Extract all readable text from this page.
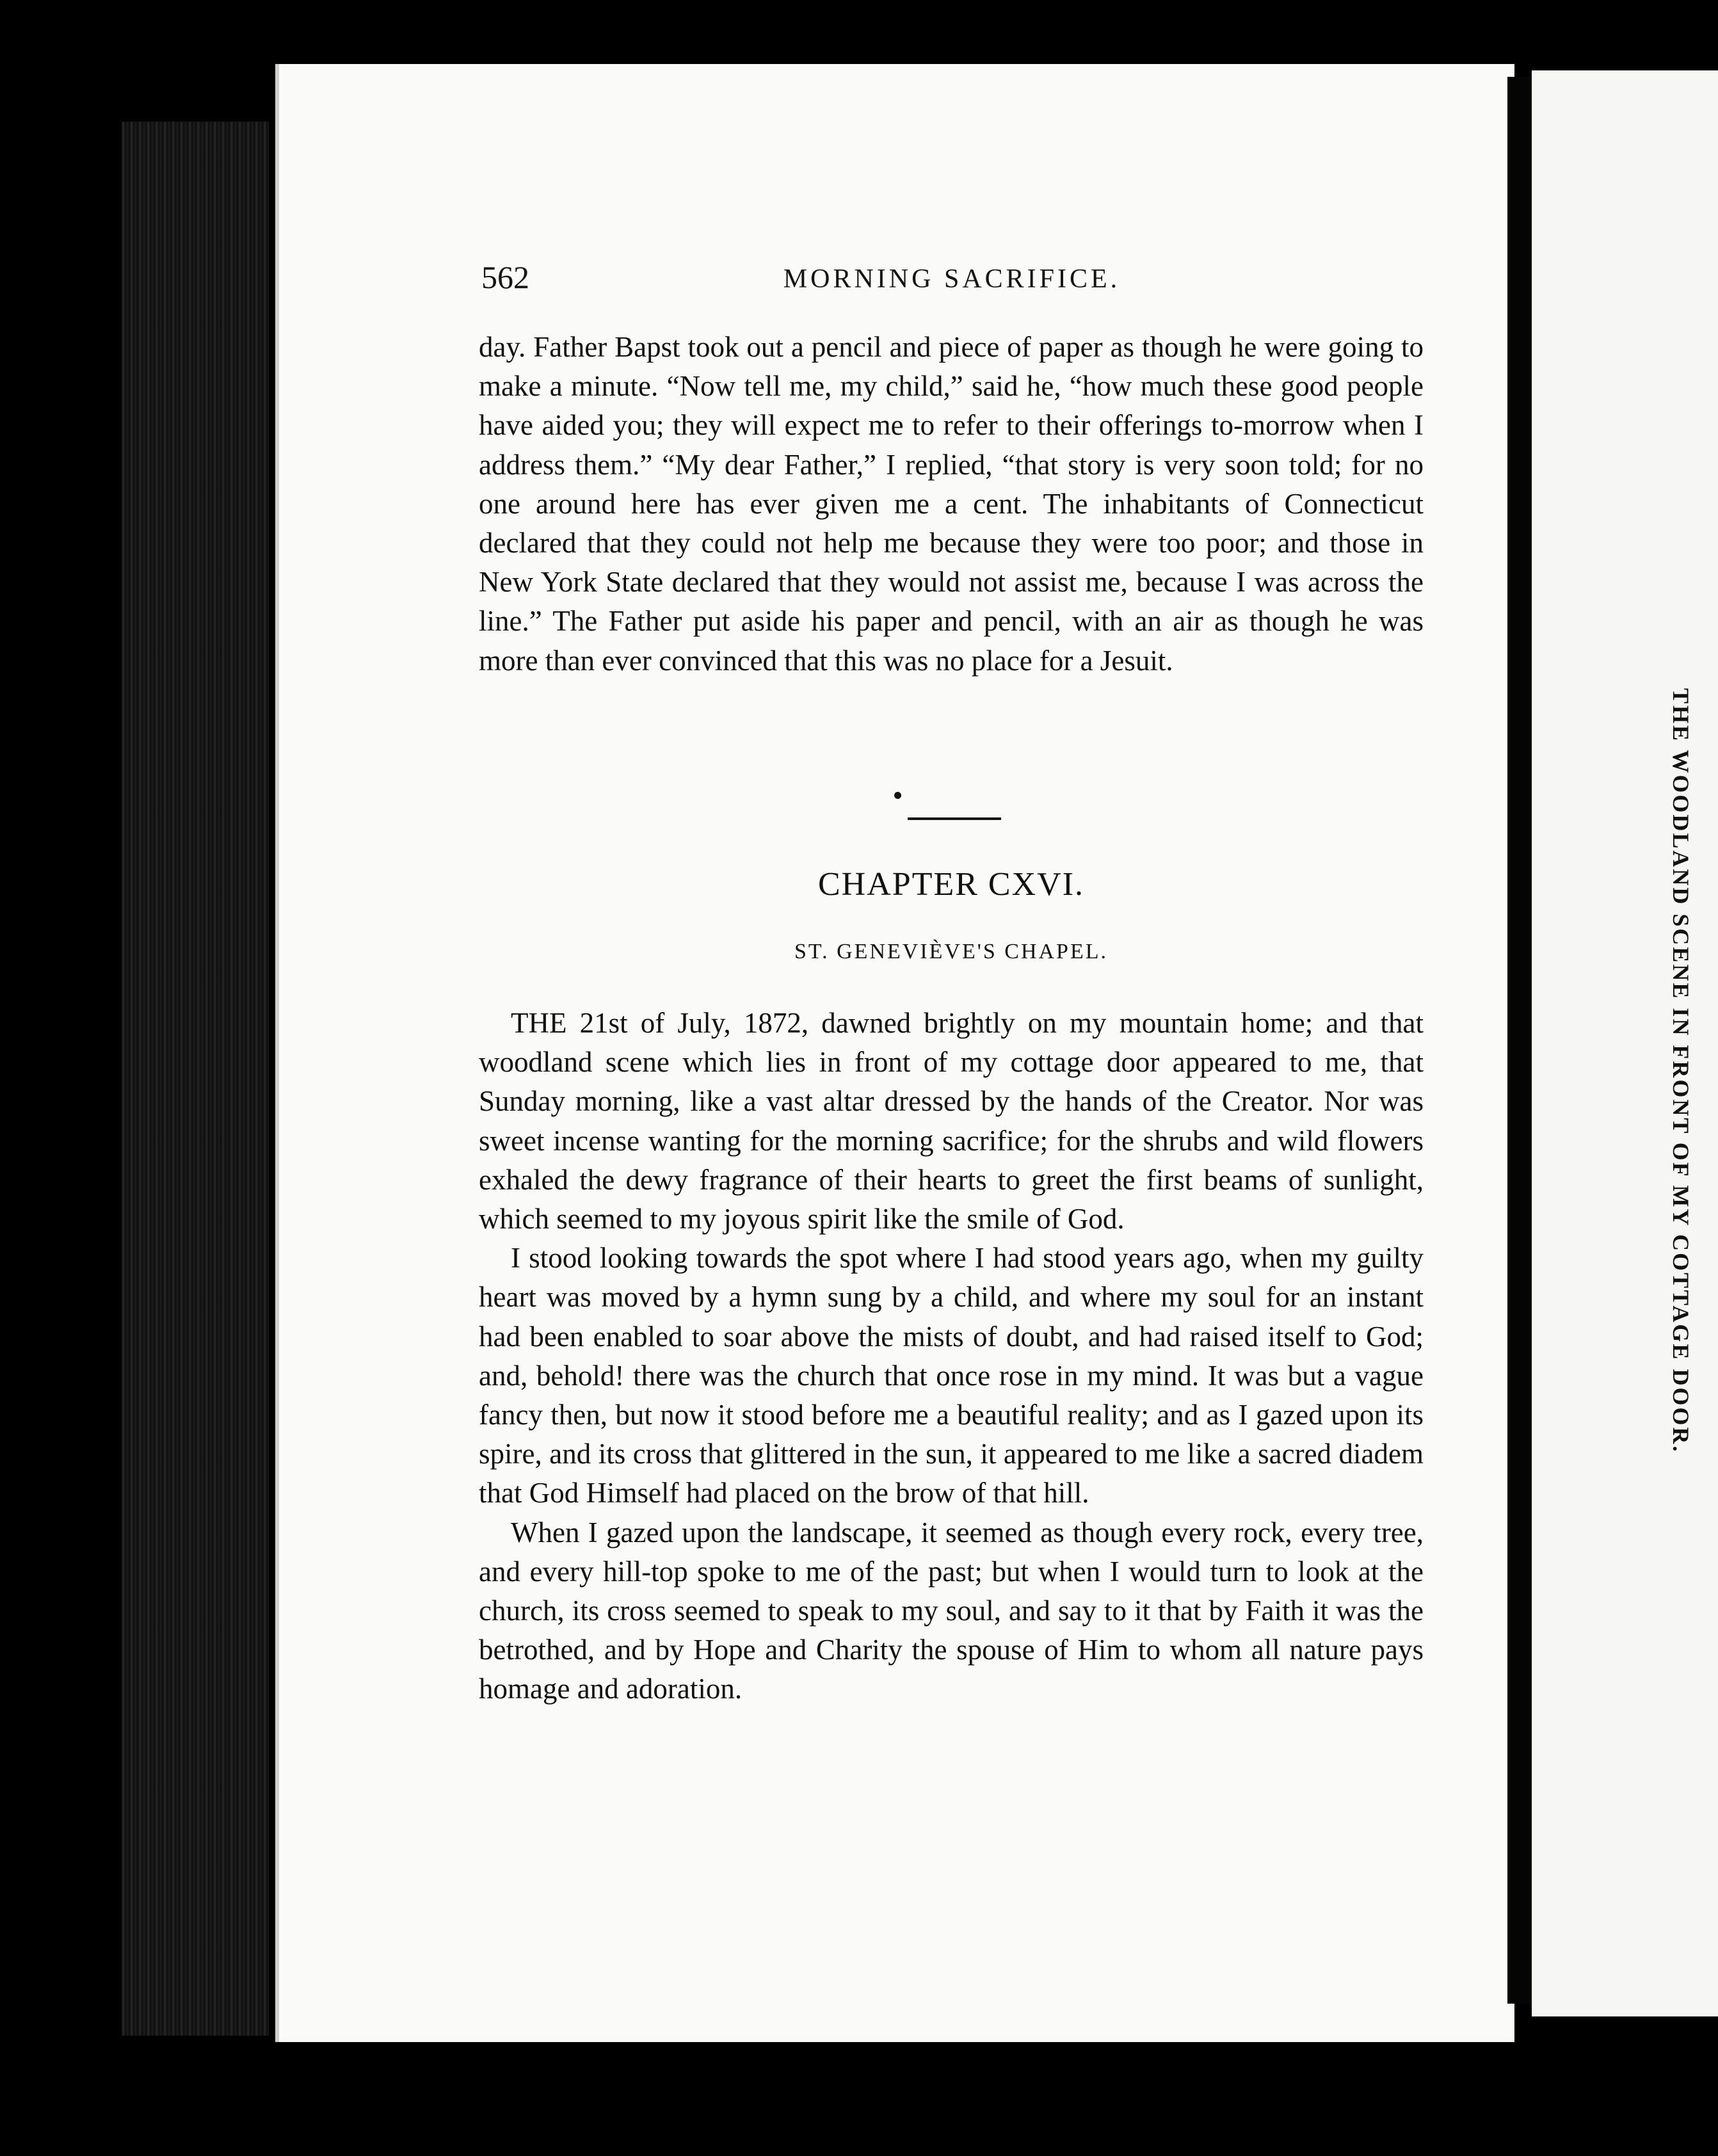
562	MORNING SACRIFICE.

day. Father Bapst took out a pencil and piece of paper as though he were going to make a minute. “Now tell me, my child,” said he, “how much these good people have aided you; they will expect me to refer to their offerings to-morrow when I address them.” “My dear Father,” I replied, “that story is very soon told; for no one around here has ever given me a cent. The inhabitants of Connecticut declared that they could not help me because they were too poor; and those in New York State declared that they would not assist me, because I was across the line.” The Father put aside his paper and pencil, with an air as though he was more than ever convinced that this was no place for a Jesuit.

CHAPTER CXVI.
ST. GENEVIÈVE'S CHAPEL.

THE 21st of July, 1872, dawned brightly on my mountain home; and that woodland scene which lies in front of my cottage door appeared to me, that Sunday morning, like a vast altar dressed by the hands of the Creator. Nor was sweet incense wanting for the morning sacrifice; for the shrubs and wild flowers exhaled the dewy fragrance of their hearts to greet the first beams of sunlight, which seemed to my joyous spirit like the smile of God.

I stood looking towards the spot where I had stood years ago, when my guilty heart was moved by a hymn sung by a child, and where my soul for an instant had been enabled to soar above the mists of doubt, and had raised itself to God; and, behold! there was the church that once rose in my mind. It was but a vague fancy then, but now it stood before me a beautiful reality; and as I gazed upon its spire, and its cross that glittered in the sun, it appeared to me like a sacred diadem that God Himself had placed on the brow of that hill.

When I gazed upon the landscape, it seemed as though every rock, every tree, and every hill-top spoke to me of the past; but when I would turn to look at the church, its cross seemed to speak to my soul, and say to it that by Faith it was the betrothed, and by Hope and Charity the spouse of Him to whom all nature pays homage and adoration.

THE WOODLAND SCENE IN FRONT OF MY COTTAGE DOOR.
